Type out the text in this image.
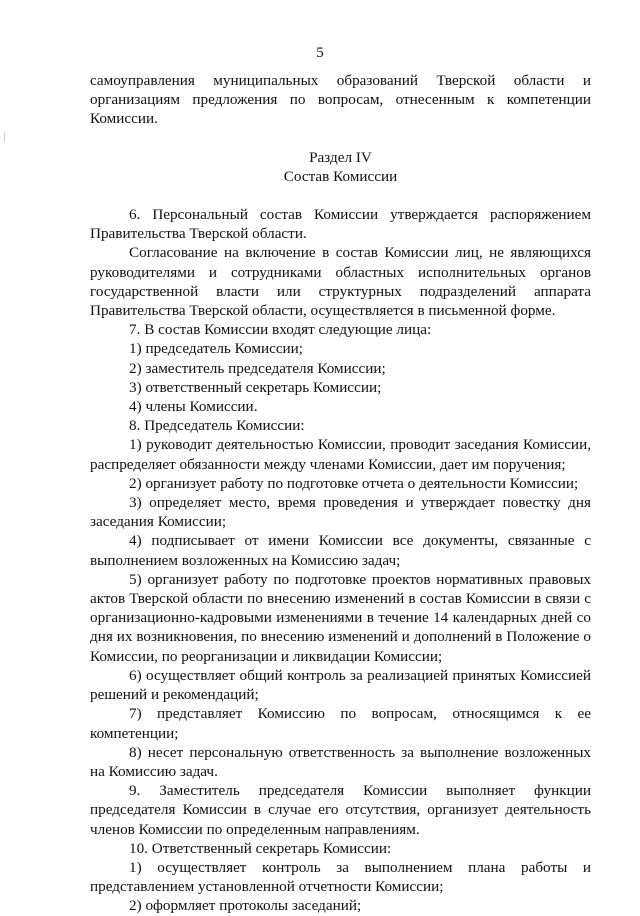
5

самоуправления муниципальных образований Тверской области и организациям предложения по вопросам, отнесенным к компетенции Комиссии.

Раздел IV

Состав Комиссии

6. Персональный состав Комиссии утверждается распоряжением Правительства Тверской области.

Согласование на включение в состав Комиссии лиц, не являющихся руководителями и сотрудниками областных исполнительных органов государственной власти или структурных подразделений аппарата Правительства Тверской области, осуществляется в письменной форме.

7. В состав Комиссии входят следующие лица:

1) председатель Комиссии;

2) заместитель председателя Комиссии;

3) ответственный секретарь Комиссии;

4) члены Комиссии.

8. Председатель Комиссии:

1) руководит деятельностью Комиссии, проводит заседания Комиссии, распределяет обязанности между членами Комиссии, дает им поручения;

2) организует работу по подготовке отчета о деятельности Комиссии;

3) определяет место, время проведения и утверждает повестку дня заседания Комиссии;

4) подписывает от имени Комиссии все документы, связанные с выполнением возложенных на Комиссию задач;

5) организует работу по подготовке проектов нормативных правовых актов Тверской области по внесению изменений в состав Комиссии в связи с организационно-кадровыми изменениями в течение 14 календарных дней со дня их возникновения, по внесению изменений и дополнений в Положение о Комиссии, по реорганизации и ликвидации Комиссии;

6) осуществляет общий контроль за реализацией принятых Комиссией решений и рекомендаций;

7) представляет Комиссию по вопросам, относящимся к ее компетенции;

8) несет персональную ответственность за выполнение возложенных на Комиссию задач.

9. Заместитель председателя Комиссии выполняет функции председателя Комиссии в случае его отсутствия, организует деятельность членов Комиссии по определенным направлениям.

10. Ответственный секретарь Комиссии:

1) осуществляет контроль за выполнением плана работы и представлением установленной отчетности Комиссии;

2) оформляет протоколы заседаний;
